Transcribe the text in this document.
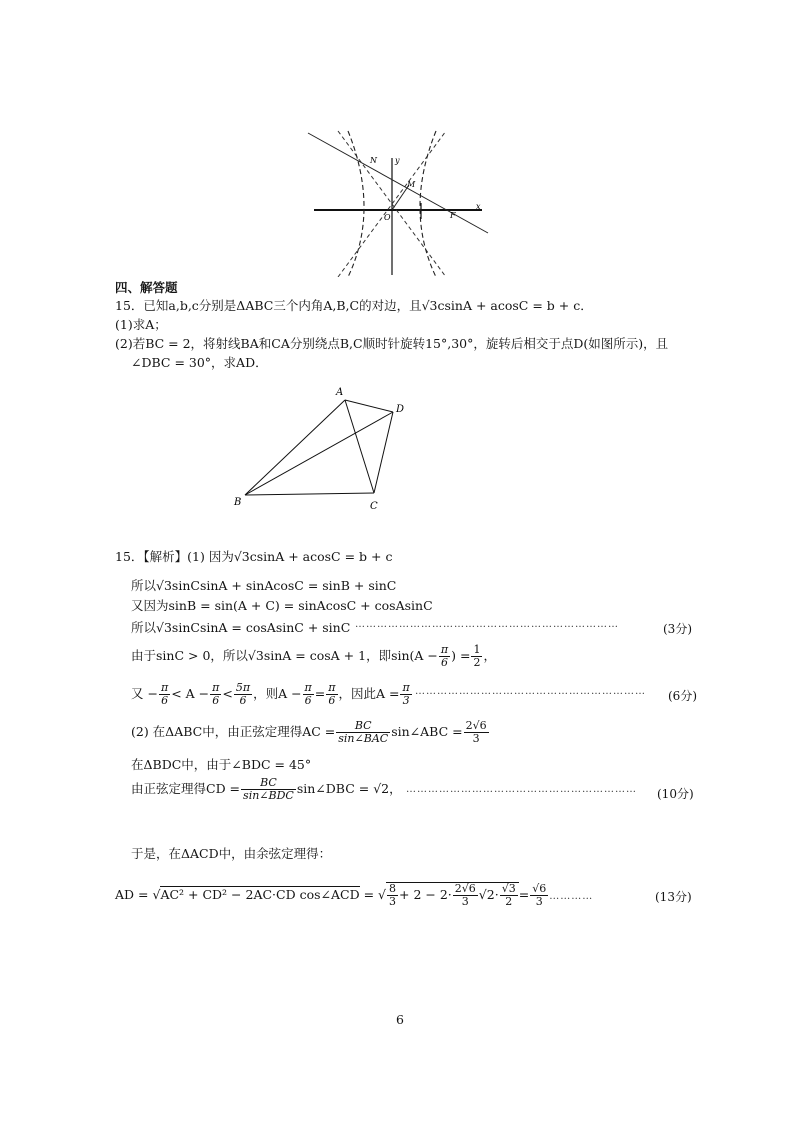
N y
M
O	F
x
四、解答题
15．已知a,b,c分别是ΔABC三个内角A,B,C的对边，且√3csinA + acosC = b + c．
(1)求A；
(2)若BC = 2，将射线BA和CA分别绕点B,C顺时针旋转15°,30°，旋转后相交于点D(如图所示)，且
∠DBC = 30°，求AD．
A
D
B	C
15．【解析】(1) 因为√3csinA + acosC = b + c
所以√3sinCsinA + sinAcosC = sinB + sinC
又因为sinB = sin(A + C) = sinAcosC + cosAsinC
所以√3sinCsinA = cosAsinC + sinC ………………………………………………………………	(3分)
由于sinC > 0，所以√3sinA = cosA + 1，即$\sin(A - \frac{\pi}{6}$ ) = $\frac{1}{2}$ ，
又 − $\frac{\pi}{6} < A - \frac{\pi}{6} < \frac{5\pi}{6}$ ，则$A - \frac{\pi}{6} = \frac{\pi}{6}$ ，因此$A = \frac{\pi}{3}$ ……………………………………………………… (6分)
(2) 在ΔABC中，由正弦定理得AC = $\frac{BC}{\text{sin∠BAC}}$ sin∠ABC = $\frac{2√6}{3}$
在ΔBDC中，由于∠BDC = 45°
由正弦定理得CD = $\frac{BC}{\text{sin∠BDC}}$ sin∠DBC = √2， ……………………………………………………… (10分)
于是，在ΔACD中，由余弦定理得：
AD = √AC² + CD² − 2AC·CD cos∠ACD = √ $\frac{8}{3} + 2 - 2\cdot \frac{2√6}{3} √2\cdot \frac{√3}{2} = \frac{√6}{3}$ …………	(13分)
6
